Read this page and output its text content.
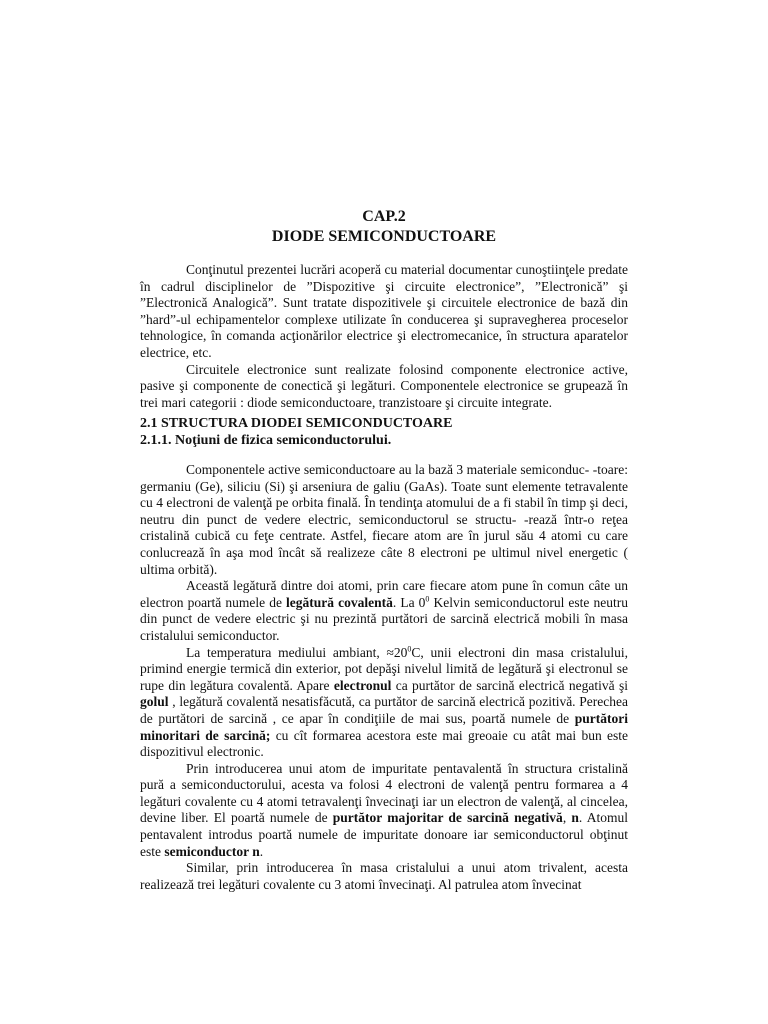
CAP.2
DIODE SEMICONDUCTOARE

Conţinutul prezentei lucrări acoperă cu material documentar cunoştiinţele predate în cadrul disciplinelor de ”Dispozitive şi circuite electronice”, ”Electronică” şi ”Electronică Analogică”. Sunt tratate dispozitivele şi circuitele electronice de bază din ”hard”-ul echipamentelor complexe utilizate în conducerea şi supravegherea proceselor tehnologice, în comanda acţionărilor electrice şi electromecanice, în structura aparatelor electrice, etc.

Circuitele electronice sunt realizate folosind componente electronice active, pasive şi componente de conectică şi legături. Componentele electronice se grupează în trei mari categorii : diode semiconductoare, tranzistoare şi circuite integrate.

2.1 STRUCTURA DIODEI SEMICONDUCTOARE
2.1.1. Noţiuni de fizica semiconductorului.

Componentele active semiconductoare au la bază 3 materiale semiconduc- -toare: germaniu (Ge), siliciu (Si) şi arseniura de galiu (GaAs). Toate sunt elemente tetravalente cu 4 electroni de valenţă pe orbita finală. În tendinţa atomului de a fi stabil în timp şi deci, neutru din punct de vedere electric, semiconductorul se structu- -rează într-o reţea cristalină cubică cu feţe centrate. Astfel, fiecare atom are în jurul său 4 atomi cu care conlucrează în aşa mod încât să realizeze câte 8 electroni pe ultimul nivel energetic ( ultima orbită).

Această legătură dintre doi atomi, prin care fiecare atom pune în comun câte un electron poartă numele de legătură covalentă. La $0^0$ Kelvin semiconductorul este neutru din punct de vedere electric şi nu prezintă purtători de sarcină electrică mobili în masa cristalului semiconductor.

La temperatura mediului ambiant, $\approx 20^0C$, unii electroni din masa cristalului, primind energie termică din exterior, pot depăşi nivelul limită de legătură şi electronul se rupe din legătura covalentă. Apare electronul ca purtător de sarcină electrică negativă şi golul , legătură covalentă nesatisfăcută, ca purtător de sarcină electrică pozitivă. Perechea de purtători de sarcină , ce apar în condiţiile de mai sus, poartă numele de purtători minoritari de sarcină; cu cît formarea acestora este mai greoaie cu atât mai bun este dispozitivul electronic.

Prin introducerea unui atom de impuritate pentavalentă în structura cristalină pură a semiconductorului, acesta va folosi 4 electroni de valenţă pentru formarea a 4 legături covalente cu 4 atomi tetravalenţi învecinaţi iar un electron de valenţă, al cincelea, devine liber. El poartă numele de purtător majoritar de sarcină negativă, n. Atomul pentavalent introdus poartă numele de impuritate donoare iar semiconductorul obţinut este semiconductor n.

Similar, prin introducerea în masa cristalului a unui atom trivalent, acesta realizează trei legături covalente cu 3 atomi învecinaţi. Al patrulea atom învecinat
